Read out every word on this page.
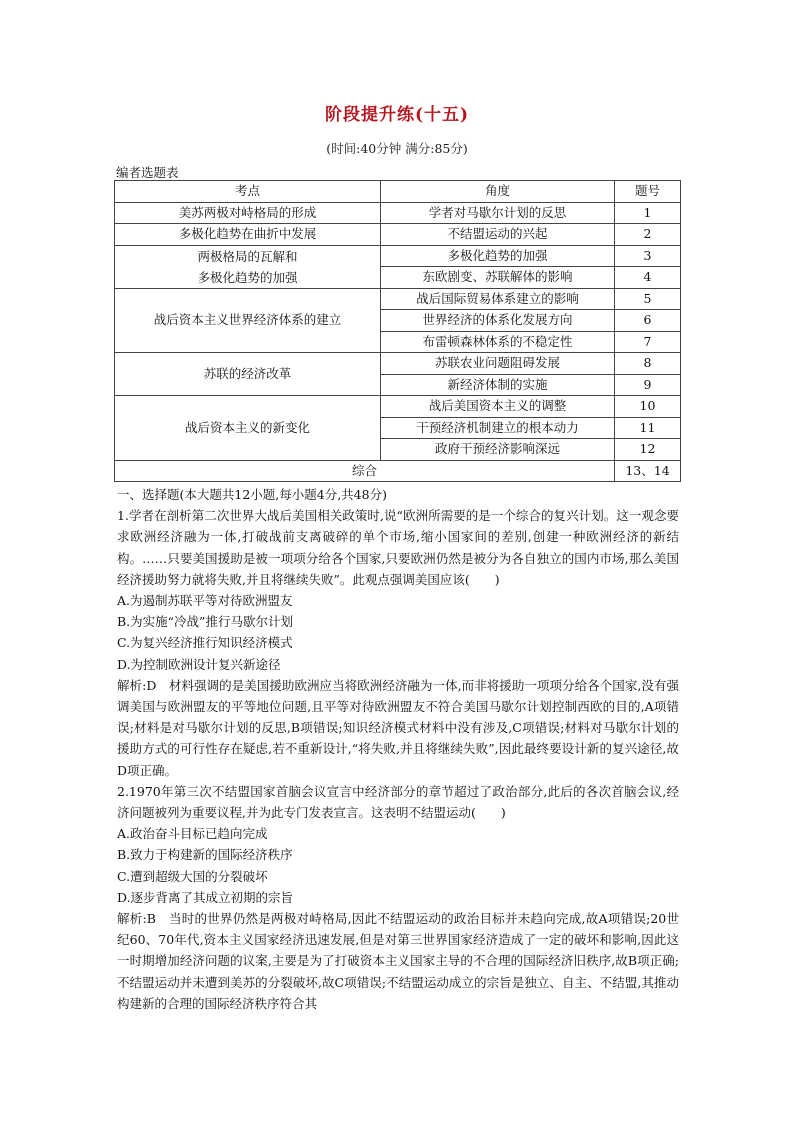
阶段提升练(十五)
(时间:40分钟 满分:85分)
编者选题表
考点	角度	题号
美苏两极对峙格局的形成	学者对马歇尔计划的反思	1
多极化趋势在曲折中发展	不结盟运动的兴起	2

两极格局的瓦解和
多极化趋势的加强	多极化趋势的加强	3
	东欧剧变、苏联解体的影响	4
战后资本主义世界经济体系的建立	战后国际贸易体系建立的影响	5
	世界经济的体系化发展方向	6
	布雷顿森林体系的不稳定性	7
苏联的经济改革	苏联农业问题阻碍发展	8
	新经济体制的实施	9
战后资本主义的新变化	战后美国资本主义的调整	10
	干预经济机制建立的根本动力	11
	政府干预经济影响深远	12
综合		13、14

一、选择题(本大题共12小题,每小题4分,共48分)

1.学者在剖析第二次世界大战后美国相关政策时,说“欧洲所需要的是一个综合的复兴计划。这一观念要求欧洲经济融为一体,打破战前支离破碎的单个市场,缩小国家间的差别,创建一种欧洲经济的新结构。……只要美国援助是被一项项分给各个国家,只要欧洲仍然是被分为各自独立的国内市场,那么美国经济援助努力就将失败,并且将继续失败”。此观点强调美国应该(　　)

A.为遏制苏联平等对待欧洲盟友

B.为实施“冷战”推行马歇尔计划

C.为复兴经济推行知识经济模式

D.为控制欧洲设计复兴新途径

解析:D　材料强调的是美国援助欧洲应当将欧洲经济融为一体,而非将援助一项项分给各个国家,没有强调美国与欧洲盟友的平等地位问题,且平等对待欧洲盟友不符合美国马歇尔计划控制西欧的目的,A项错误;材料是对马歇尔计划的反思,B项错误;知识经济模式材料中没有涉及,C项错误;材料对马歇尔计划的援助方式的可行性存在疑虑,若不重新设计,“将失败,并且将继续失败”,因此最终要设计新的复兴途径,故D项正确。

2.1970年第三次不结盟国家首脑会议宣言中经济部分的章节超过了政治部分,此后的各次首脑会议,经济问题被列为重要议程,并为此专门发表宣言。这表明不结盟运动(　　)

A.政治奋斗目标已趋向完成

B.致力于构建新的国际经济秩序

C.遭到超级大国的分裂破坏

D.逐步背离了其成立初期的宗旨

解析:B　当时的世界仍然是两极对峙格局,因此不结盟运动的政治目标并未趋向完成,故A项错误;20世纪60、70年代,资本主义国家经济迅速发展,但是对第三世界国家经济造成了一定的破坏和影响,因此这一时期增加经济问题的议案,主要是为了打破资本主义国家主导的不合理的国际经济旧秩序,故B项正确;不结盟运动并未遭到美苏的分裂破坏,故C项错误;不结盟运动成立的宗旨是独立、自主、不结盟,其推动构建新的合理的国际经济秩序符合其
